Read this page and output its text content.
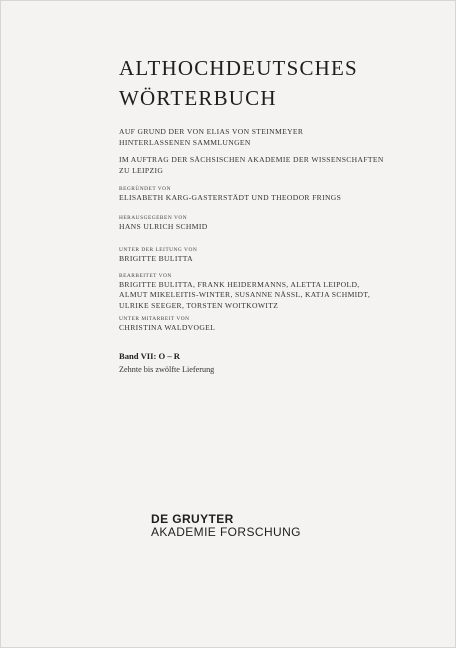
ALTHOCHDEUTSCHES
WÖRTERBUCH

AUF GRUND DER VON ELIAS VON STEINMEYER
HINTERLASSENEN SAMMLUNGEN

IM AUFTRAG DER SÄCHSISCHEN AKADEMIE DER WISSENSCHAFTEN
ZU LEIPZIG

BEGRÜNDET VON

ELISABETH KARG-GASTERSTÄDT UND THEODOR FRINGS

HERAUSGEGEBEN VON

HANS ULRICH SCHMID

UNTER DER LEITUNG VON

BRIGITTE BULITTA

BEARBEITET VON

BRIGITTE BULITTA, FRANK HEIDERMANNS, ALETTA LEIPOLD,
ALMUT MIKELEITIS-WINTER, SUSANNE NÄSSL, KATJA SCHMIDT,
ULRIKE SEEGER, TORSTEN WOITKOWITZ

UNTER MITARBEIT VON

CHRISTINA WALDVOGEL

Band VII: O – R

Zehnte bis zwölfte Lieferung

DE GRUYTER

AKADEMIE FORSCHUNG
